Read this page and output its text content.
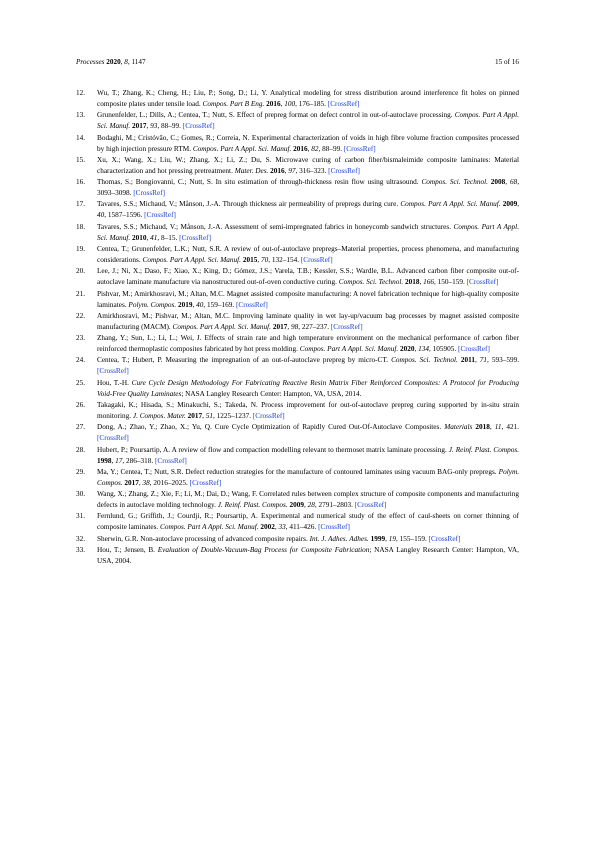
Processes 2020, 8, 1147	15 of 16
12. Wu, T.; Zhang, K.; Cheng, H.; Liu, P.; Song, D.; Li, Y. Analytical modeling for stress distribution around interference fit holes on pinned composite plates under tensile load. Compos. Part B Eng. 2016, 100, 176–185. [CrossRef]
13. Grunenfelder, L.; Dills, A.; Centea, T.; Nutt, S. Effect of prepreg format on defect control in out-of-autoclave processing. Compos. Part A Appl. Sci. Manuf. 2017, 93, 88–99. [CrossRef]
14. Bodaghi, M.; Cristóvão, C.; Gomes, R.; Correia, N. Experimental characterization of voids in high fibre volume fraction composites processed by high injection pressure RTM. Compos. Part A Appl. Sci. Manuf. 2016, 82, 88–99. [CrossRef]
15. Xu, X.; Wang, X.; Liu, W.; Zhang, X.; Li, Z.; Du, S. Microwave curing of carbon fiber/bismaleimide composite laminates: Material characterization and hot pressing pretreatment. Mater. Des. 2016, 97, 316–323. [CrossRef]
16. Thomas, S.; Bongiovanni, C.; Nutt, S. In situ estimation of through-thickness resin flow using ultrasound. Compos. Sci. Technol. 2008, 68, 3093–3098. [CrossRef]
17. Tavares, S.S.; Michaud, V.; Månson, J.-A. Through thickness air permeability of prepregs during cure. Compos. Part A Appl. Sci. Manuf. 2009, 40, 1587–1596. [CrossRef]
18. Tavares, S.S.; Michaud, V.; Månson, J.-A. Assessment of semi-impregnated fabrics in honeycomb sandwich structures. Compos. Part A Appl. Sci. Manuf. 2010, 41, 8–15. [CrossRef]
19. Centea, T.; Grunenfelder, L.K.; Nutt, S.R. A review of out-of-autoclave prepregs–Material properties, process phenomena, and manufacturing considerations. Compos. Part A Appl. Sci. Manuf. 2015, 70, 132–154. [CrossRef]
20. Lee, J.; Ni, X.; Daso, F.; Xiao, X.; King, D.; Gómez, J.S.; Varela, T.B.; Kessler, S.S.; Wardle, B.L. Advanced carbon fiber composite out-of-autoclave laminate manufacture via nanostructured out-of-oven conductive curing. Compos. Sci. Technol. 2018, 166, 150–159. [CrossRef]
21. Pishvar, M.; Amirkhosravi, M.; Altan, M.C. Magnet assisted composite manufacturing: A novel fabrication technique for high-quality composite laminates. Polym. Compos. 2019, 40, 159–169. [CrossRef]
22. Amirkhosravi, M.; Pishvar, M.; Altan, M.C. Improving laminate quality in wet lay-up/vacuum bag processes by magnet assisted composite manufacturing (MACM). Compos. Part A Appl. Sci. Manuf. 2017, 98, 227–237. [CrossRef]
23. Zhang, Y.; Sun, L.; Li, L.; Wei, J. Effects of strain rate and high temperature environment on the mechanical performance of carbon fiber reinforced thermoplastic composites fabricated by hot press molding. Compos. Part A Appl. Sci. Manuf. 2020, 134, 105905. [CrossRef]
24. Centea, T.; Hubert, P. Measuring the impregnation of an out-of-autoclave prepreg by micro-CT. Compos. Sci. Technol. 2011, 71, 593–599. [CrossRef]
25. Hou, T.-H. Cure Cycle Design Methodology For Fabricating Reactive Resin Matrix Fiber Reinforced Composites: A Protocol for Producing Void-Free Quality Laminates; NASA Langley Research Center: Hampton, VA, USA, 2014.
26. Takagaki, K.; Hisada, S.; Minakuchi, S.; Takeda, N. Process improvement for out-of-autoclave prepreg curing supported by in-situ strain monitoring. J. Compos. Mater. 2017, 51, 1225–1237. [CrossRef]
27. Dong, A.; Zhao, Y.; Zhao, X.; Yu, Q. Cure Cycle Optimization of Rapidly Cured Out-Of-Autoclave Composites. Materials 2018, 11, 421. [CrossRef]
28. Hubert, P.; Poursartip, A. A review of flow and compaction modelling relevant to thermoset matrix laminate processing. J. Reinf. Plast. Compos. 1998, 17, 286–318. [CrossRef]
29. Ma, Y.; Centea, T.; Nutt, S.R. Defect reduction strategies for the manufacture of contoured laminates using vacuum BAG-only prepregs. Polym. Compos. 2017, 38, 2016–2025. [CrossRef]
30. Wang, X.; Zhang, Z.; Xie, F.; Li, M.; Dai, D.; Wang, F. Correlated rules between complex structure of composite components and manufacturing defects in autoclave molding technology. J. Reinf. Plast. Compos. 2009, 28, 2791–2803. [CrossRef]
31. Fernlund, G.; Griffith, J.; Courdji, R.; Poursartip, A. Experimental and numerical study of the effect of caul-sheets on corner thinning of composite laminates. Compos. Part A Appl. Sci. Manuf. 2002, 33, 411–426. [CrossRef]
32. Sherwin, G.R. Non-autoclave processing of advanced composite repairs. Int. J. Adhes. Adhes. 1999, 19, 155–159. [CrossRef]
33. Hou, T.; Jensen, B. Evaluation of Double-Vacuum-Bag Process for Composite Fabrication; NASA Langley Research Center: Hampton, VA, USA, 2004.
